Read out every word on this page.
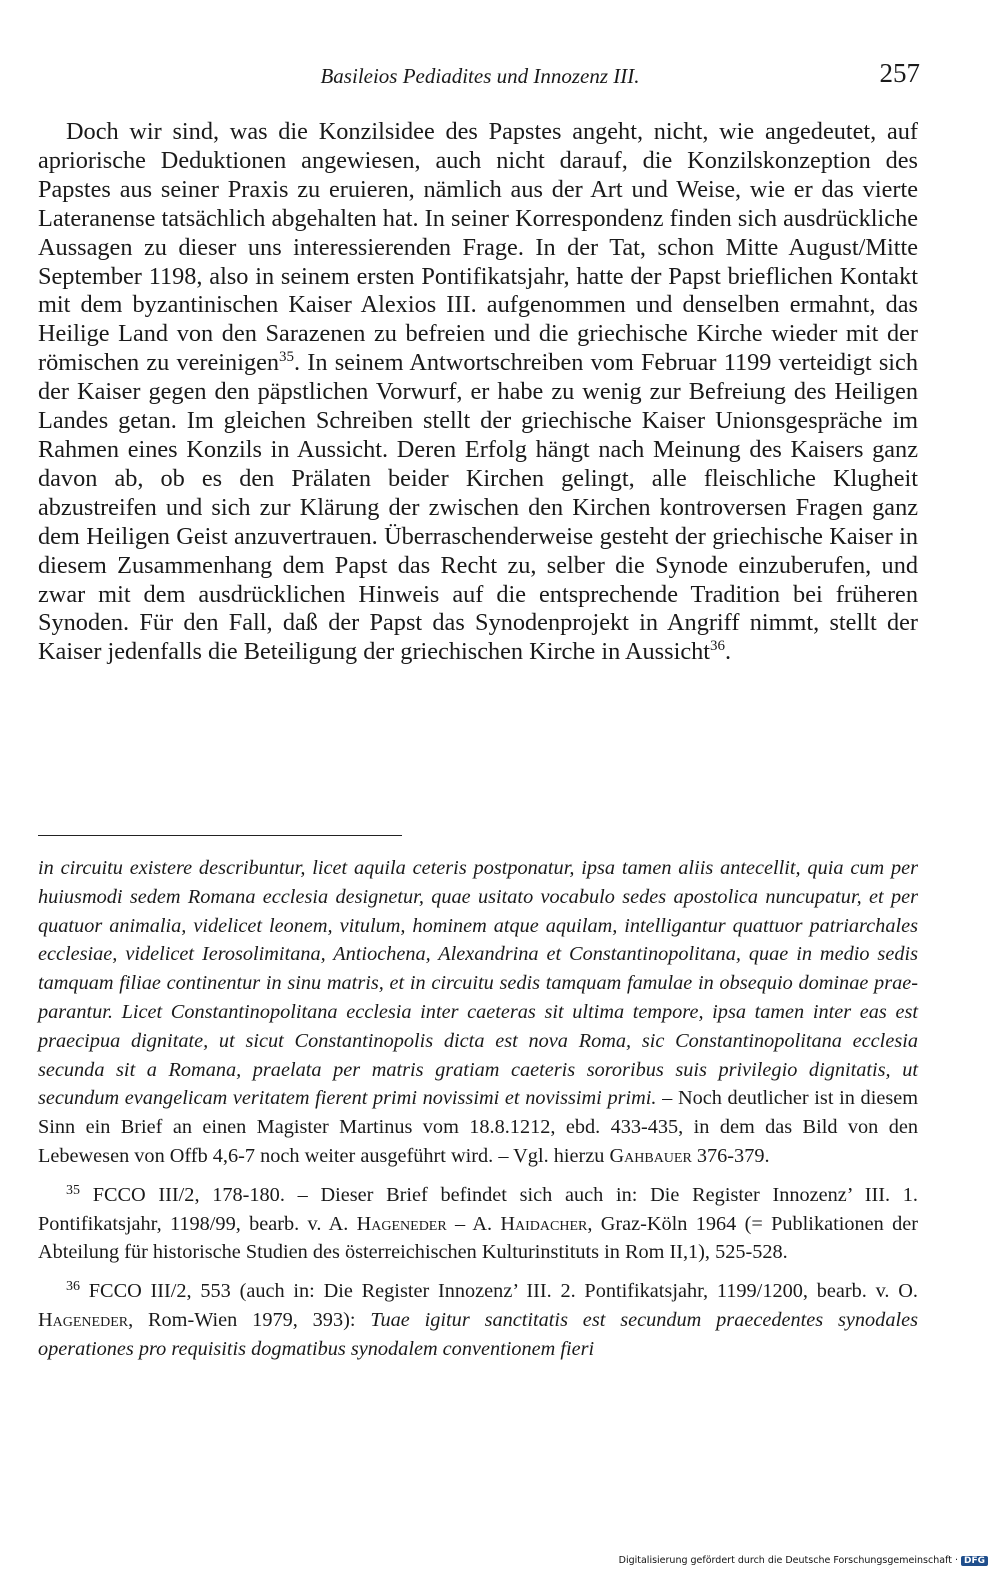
Basileios Pediadites und Innozenz III.	257

Doch wir sind, was die Konzilsidee des Papstes angeht, nicht, wie angedeutet, auf apriorische Deduktionen angewiesen, auch nicht darauf, die Konzilskonzeption des Papstes aus seiner Praxis zu eruieren, nämlich aus der Art und Weise, wie er das vierte Lateranense tatsächlich abgehalten hat. In seiner Korrespondenz finden sich ausdrückliche Aussagen zu dieser uns interessierenden Frage. In der Tat, schon Mitte August/Mitte September 1198, also in seinem ersten Pontifikatsjahr, hatte der Papst brieflichen Kontakt mit dem byzantinischen Kaiser Alexios III. aufgenommen und denselben ermahnt, das Heilige Land von den Sarazenen zu befreien und die griechische Kirche wieder mit der römischen zu vereinigen$^{35}$. In seinem Antwortschreiben vom Februar 1199 verteidigt sich der Kaiser gegen den päpstlichen Vorwurf, er habe zu wenig zur Befreiung des Heiligen Landes getan. Im gleichen Schreiben stellt der griechische Kaiser Unionsgespräche im Rahmen eines Konzils in Aussicht. Deren Erfolg hängt nach Meinung des Kaisers ganz davon ab, ob es den Prälaten beider Kirchen gelingt, alle fleischliche Klugheit abzustreifen und sich zur Klärung der zwischen den Kirchen kontroversen Fragen ganz dem Heiligen Geist anzuvertrauen. Überraschenderweise gesteht der griechische Kaiser in diesem Zusammenhang dem Papst das Recht zu, selber die Synode einzuberufen, und zwar mit dem ausdrücklichen Hinweis auf die entsprechende Tradition bei früheren Synoden. Für den Fall, daß der Papst das Synodenprojekt in Angriff nimmt, stellt der Kaiser jedenfalls die Beteiligung der griechischen Kirche in Aussicht$^{36}$.

in circuitu existere describuntur, licet aquila ceteris postponatur, ipsa tamen aliis antecellit, quia cum per huiusmodi sedem Romana ecclesia designetur, quae usitato vocabulo sedes apostolica nuncupatur, et per quatuor animalia, videlicet leonem, vitulum, hominem atque aquilam, intelligantur quattuor patriarchales ecclesiae, videlicet Ierosolimitana, Antiochena, Alexandrina et Constantinopolitana, quae in medio sedis tamquam filiae continentur in sinu matris, et in circuitu sedis tamquam famulae in obsequio dominae praeparantur. Licet Constantinopolitana ecclesia inter caeteras sit ultima tempore, ipsa tamen inter eas est praecipua dignitate, ut sicut Constantinopolis dicta est nova Roma, sic Constantinopolitana ecclesia secunda sit a Romana, praelata per matris gratiam caeteris sororibus suis privilegio dignitatis, ut secundum evangelicam veritatem fierent primi novissimi et novissimi primi. – Noch deutlicher ist in diesem Sinn ein Brief an einen Magister Martinus vom 18.8.1212, ebd. 433-435, in dem das Bild von den Lebewesen von Offb 4,6-7 noch weiter ausgeführt wird. – Vgl. hierzu Gahbauer 376-379.

$^{35}$ FCCO III/2, 178-180. – Dieser Brief befindet sich auch in: Die Register Innozenz’ III. 1. Pontifikatsjahr, 1198/99, bearb. v. A. Hageneder – A. Haidacher, Graz-Köln 1964 (= Publikationen der Abteilung für historische Studien des österreichischen Kulturinstituts in Rom II,1), 525-528.

$^{36}$ FCCO III/2, 553 (auch in: Die Register Innozenz’ III. 2. Pontifikatsjahr, 1199/1200, bearb. v. O. Hageneder, Rom-Wien 1979, 393): Tuae igitur sanctitatis est secundum praecedentes synodales operationes pro requisitis dogmatibus synodalem conventionem fieri

Digitalisierung gefördert durch die Deutsche Forschungsgemeinschaft · DFG
